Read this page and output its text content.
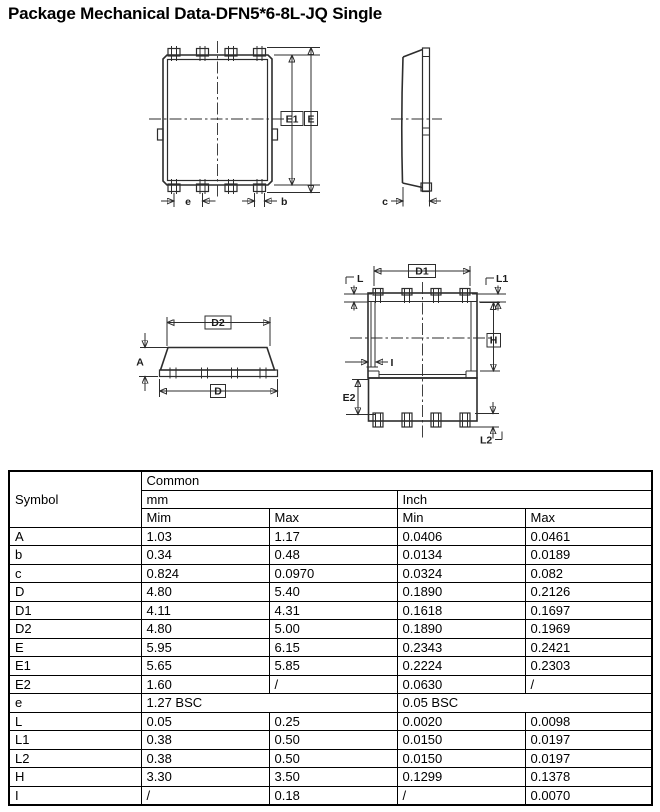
Package Mechanical Data-DFN5*6-8L-JQ Single
E1 E
e	b	c
D2
A
D
D1
L	L1
H
I
E2
L2
Symbol	Common			
	mm		Inch	
	Mim	Max	Min	Max
A	1.03	1.17	0.0406	0.0461
b	0.34	0.48	0.0134	0.0189
c	0.824	0.0970	0.0324	0.082
D	4.80	5.40	0.1890	0.2126
D1	4.11	4.31	0.1618	0.1697
D2	4.80	5.00	0.1890	0.1969
E	5.95	6.15	0.2343	0.2421
E1	5.65	5.85	0.2224	0.2303
E2	1.60	/	0.0630	/
e	1.27 BSC		0.05 BSC	
L	0.05	0.25	0.0020	0.0098
L1	0.38	0.50	0.0150	0.0197
L2	0.38	0.50	0.0150	0.0197
H	3.30	3.50	0.1299	0.1378
I	/	0.18	/	0.0070
